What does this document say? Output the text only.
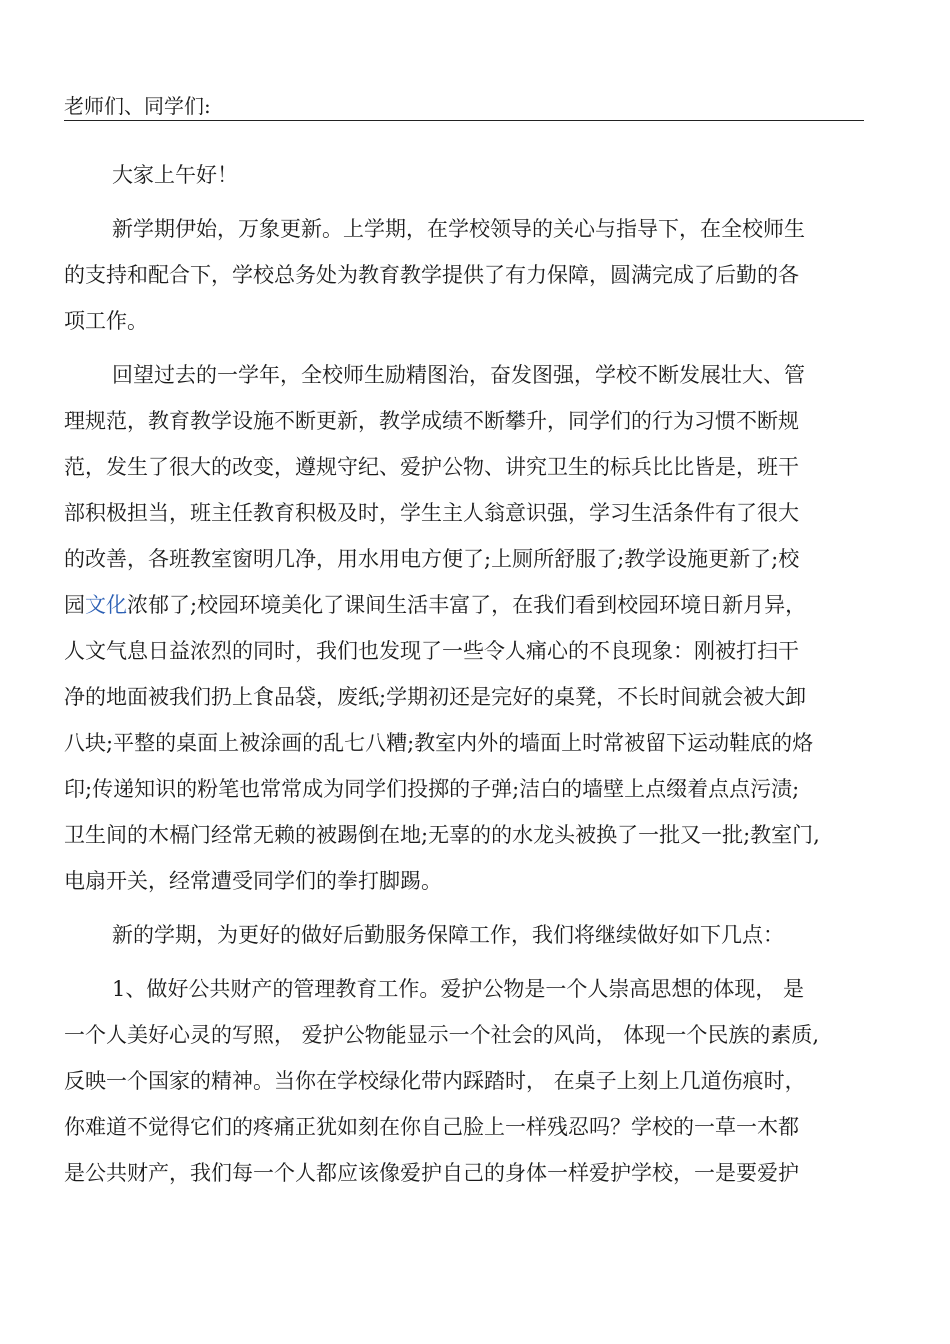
老师们、同学们:
大家上午好！
新学期伊始，万象更新。上学期，在学校领导的关心与指导下，在全校师生
的支持和配合下，学校总务处为教育教学提供了有力保障，圆满完成了后勤的各
项工作。
回望过去的一学年，全校师生励精图治，奋发图强，学校不断发展壮大、管
理规范，教育教学设施不断更新，教学成绩不断攀升，同学们的行为习惯不断规
范，发生了很大的改变，遵规守纪、爱护公物、讲究卫生的标兵比比皆是，班干
部积极担当，班主任教育积极及时，学生主人翁意识强，学习生活条件有了很大
的改善，各班教室窗明几净，用水用电方便了;上厕所舒服了;教学设施更新了;校
园文化浓郁了;校园环境美化了课间生活丰富了，在我们看到校园环境日新月异，
人文气息日益浓烈的同时，我们也发现了一些令人痛心的不良现象：刚被打扫干
净的地面被我们扔上食品袋，废纸;学期初还是完好的桌凳，不长时间就会被大卸
八块;平整的桌面上被涂画的乱七八糟;教室内外的墙面上时常被留下运动鞋底的烙
印;传递知识的粉笔也常常成为同学们投掷的子弹;洁白的墙壁上点缀着点点污渍;
卫生间的木槅门经常无赖的被踢倒在地;无辜的的水龙头被换了一批又一批;教室门,
电扇开关，经常遭受同学们的拳打脚踢。
新的学期，为更好的做好后勤服务保障工作，我们将继续做好如下几点：
1、做好公共财产的管理教育工作。爱护公物是一个人崇高思想的体现， 是
一个人美好心灵的写照， 爱护公物能显示一个社会的风尚， 体现一个民族的素质,
反映一个国家的精神。当你在学校绿化带内踩踏时， 在桌子上刻上几道伤痕时，
你难道不觉得它们的疼痛正犹如刻在你自己脸上一样残忍吗？学校的一草一木都
是公共财产，我们每一个人都应该像爱护自己的身体一样爱护学校，一是要爱护
